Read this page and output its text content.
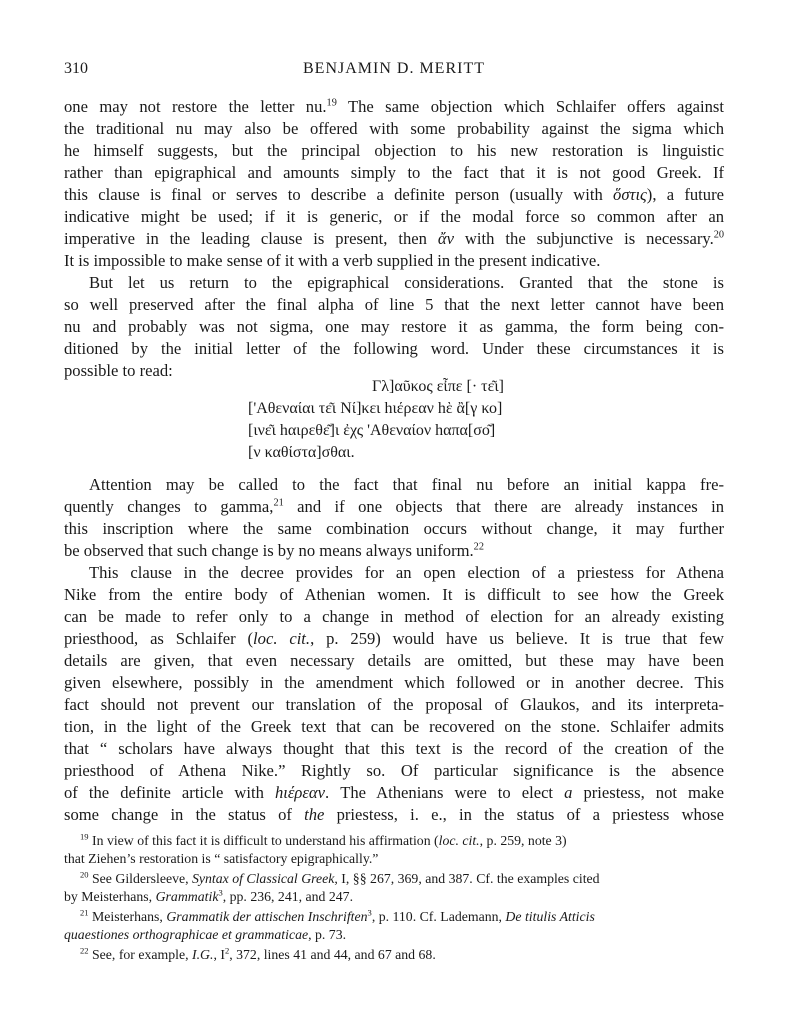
310	BENJAMIN D. MERITT
one may not restore the letter nu.$^{19}$ The same objection which Schlaifer offers against
the traditional nu may also be offered with some probability against the sigma which
he himself suggests, but the principal objection to his new restoration is linguistic
rather than epigraphical and amounts simply to the fact that it is not good Greek. If
this clause is final or serves to describe a definite person (usually with ὅστις), a future
indicative might be used; if it is generic, or if the modal force so common after an
imperative in the leading clause is present, then ἄν with the subjunctive is necessary.$^{20}$
It is impossible to make sense of it with a verb supplied in the present indicative.
But let us return to the epigraphical considerations. Granted that the stone is
so well preserved after the final alpha of line 5 that the next letter cannot have been
nu and probably was not sigma, one may restore it as gamma, the form being con-
ditioned by the initial letter of the following word. Under these circumstances it is
possible to read:
Γλ]αῦκος εἶπε [· τε͂ι]
['Αθεναίαι τε͂ι Νί]κει hιέρεαν hὲ ἂ[γ κο]
[ινε͂ι hαιρεθε͂]ι ἐχς 'Αθεναίον hαπα[σο͂]
[ν καθίστα]σθαι.
Attention may be called to the fact that final nu before an initial kappa fre-
quently changes to gamma,$^{21}$ and if one objects that there are already instances in
this inscription where the same combination occurs without change, it may further
be observed that such change is by no means always uniform.$^{22}$
This clause in the decree provides for an open election of a priestess for Athena
Nike from the entire body of Athenian women. It is difficult to see how the Greek
can be made to refer only to a change in method of election for an already existing
priesthood, as Schlaifer (loc. cit., p. 259) would have us believe. It is true that few
details are given, that even necessary details are omitted, but these may have been
given elsewhere, possibly in the amendment which followed or in another decree. This
fact should not prevent our translation of the proposal of Glaukos, and its interpreta-
tion, in the light of the Greek text that can be recovered on the stone. Schlaifer admits
that “ scholars have always thought that this text is the record of the creation of the
priesthood of Athena Nike.” Rightly so. Of particular significance is the absence
of the definite article with hιέρεαν. The Athenians were to elect a priestess, not make
some change in the status of the priestess, i. e., in the status of a priestess whose
$^{19}$ In view of this fact it is difficult to understand his affirmation (loc. cit., p. 259, note 3)
that Ziehen’s restoration is “ satisfactory epigraphically.”
$^{20}$ See Gildersleeve, Syntax of Classical Greek, I, §§ 267, 369, and 387. Cf. the examples cited
by Meisterhans, Grammatik$^3$, pp. 236, 241, and 247.
$^{21}$ Meisterhans, Grammatik der attischen Inschriften$^3$, p. 110. Cf. Lademann, De titulis Atticis
quaestiones orthographicae et grammaticae, p. 73.
$^{22}$ See, for example, I.G., $I^2$, 372, lines 41 and 44, and 67 and 68.
